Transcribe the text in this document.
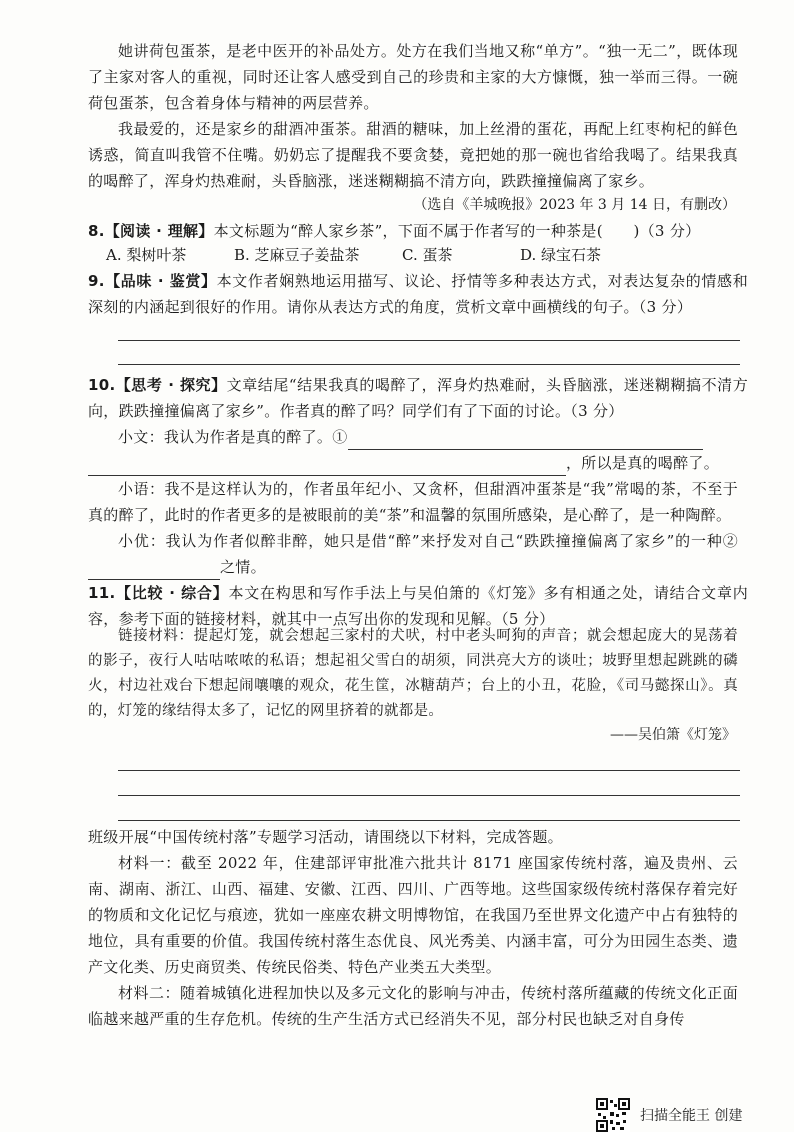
她讲荷包蛋茶，是老中医开的补品处方。处方在我们当地又称“单方”。“独一无二”，既体现了主家对客人的重视，同时还让客人感受到自己的珍贵和主家的大方慷慨，独一举而三得。一碗荷包蛋茶，包含着身体与精神的两层营养。

我最爱的，还是家乡的甜酒冲蛋茶。甜酒的糖味，加上丝滑的蛋花，再配上红枣枸杞的鲜色诱惑，简直叫我管不住嘴。奶奶忘了提醒我不要贪婪，竟把她的那一碗也省给我喝了。结果我真的喝醉了，浑身灼热难耐，头昏脑涨，迷迷糊糊搞不清方向，跌跌撞撞偏离了家乡。

（选自《羊城晚报》2023 年 3 月 14 日，有删改）

8.【阅读 · 理解】本文标题为“醉人家乡茶”，下面不属于作者写的一种茶是(　　)（3 分）

A. 梨树叶茶	B. 芝麻豆子姜盐茶	C. 蛋茶	D. 绿宝石茶

9.【品味 · 鉴赏】本文作者娴熟地运用描写、议论、抒情等多种表达方式，对表达复杂的情感和深刻的内涵起到很好的作用。请你从表达方式的角度，赏析文章中画横线的句子。（3 分）

10.【思考 · 探究】文章结尾“结果我真的喝醉了，浑身灼热难耐，头昏脑涨，迷迷糊糊搞不清方向，跌跌撞撞偏离了家乡”。作者真的醉了吗？同学们有了下面的讨论。（3 分）

小文：我认为作者是真的醉了。①

，所以是真的喝醉了。

小语：我不是这样认为的，作者虽年纪小、又贪杯，但甜酒冲蛋茶是“我”常喝的茶，不至于真的醉了，此时的作者更多的是被眼前的美“茶”和温馨的氛围所感染，是心醉了，是一种陶醉。

小优：我认为作者似醉非醉，她只是借“醉”来抒发对自己“跌跌撞撞偏离了家乡”的一种②之情。

11.【比较 · 综合】本文在构思和写作手法上与吴伯箫的《灯笼》多有相通之处，请结合文章内容，参考下面的链接材料，就其中一点写出你的发现和见解。（5 分）

链接材料：提起灯笼，就会想起三家村的犬吠，村中老头呵狗的声音；就会想起庞大的晃荡着的影子，夜行人咕咕哝哝的私语；想起祖父雪白的胡须，同洪亮大方的谈吐；坡野里想起跳跳的磷火，村边社戏台下想起闹嚷嚷的观众，花生筐，冰糖葫芦；台上的小丑，花脸，《司马懿探山》。真的，灯笼的缘结得太多了，记忆的网里挤着的就都是。

——吴伯箫《灯笼》

班级开展“中国传统村落”专题学习活动，请围绕以下材料，完成答题。

材料一：截至 2022 年，住建部评审批准六批共计 8171 座国家传统村落，遍及贵州、云南、湖南、浙江、山西、福建、安徽、江西、四川、广西等地。这些国家级传统村落保存着完好的物质和文化记忆与痕迹，犹如一座座农耕文明博物馆，在我国乃至世界文化遗产中占有独特的地位，具有重要的价值。我国传统村落生态优良、风光秀美、内涵丰富，可分为田园生态类、遗产文化类、历史商贸类、传统民俗类、特色产业类五大类型。

材料二：随着城镇化进程加快以及多元文化的影响与冲击，传统村落所蕴藏的传统文化正面临越来越严重的生存危机。传统的生产生活方式已经消失不见，部分村民也缺乏对自身传

扫描全能王 创建
